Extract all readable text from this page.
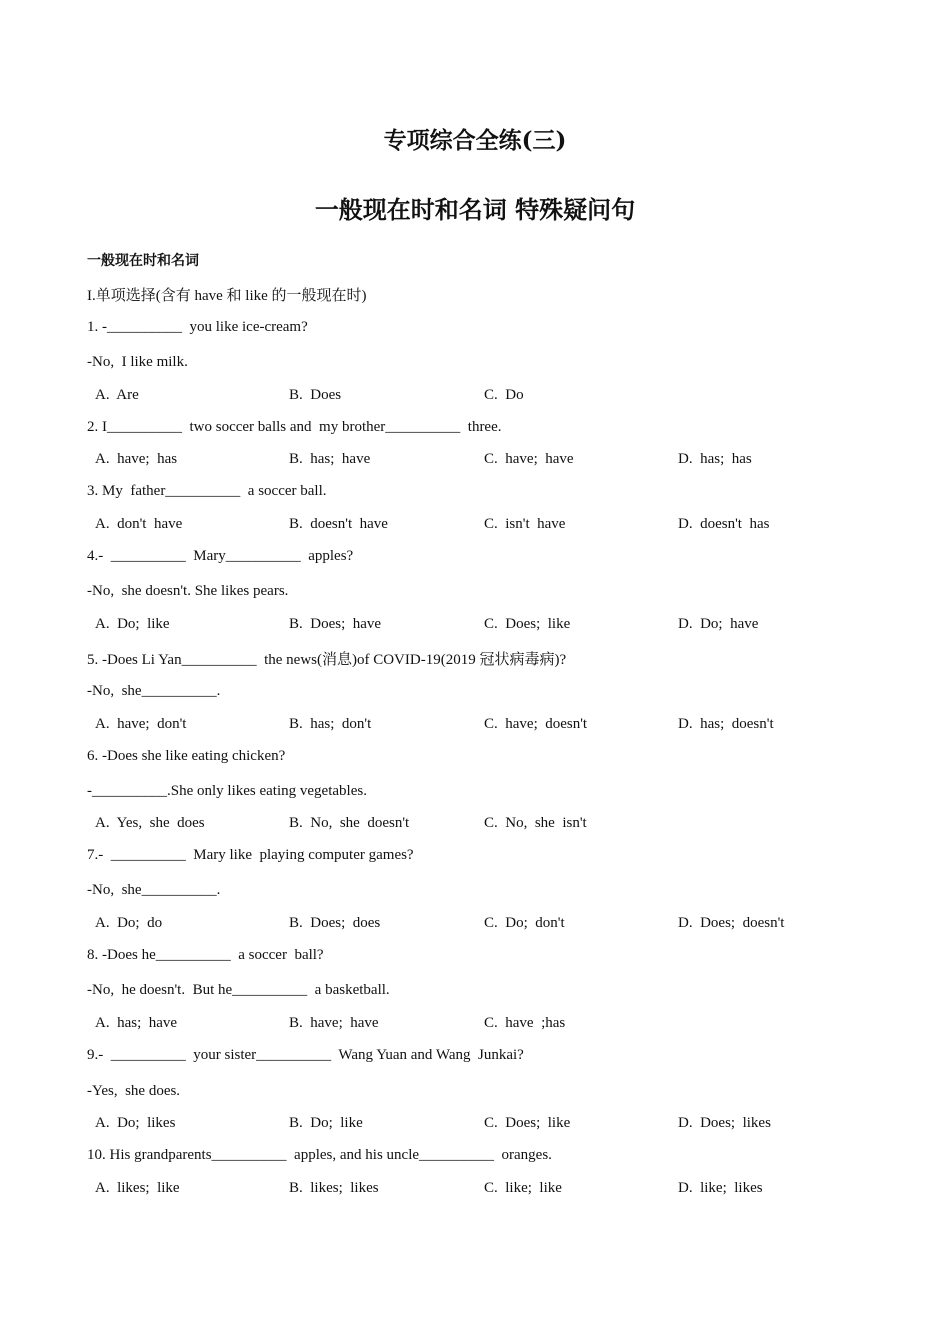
专项综合全练(三)
一般现在时和名词 特殊疑问句
一般现在时和名词
I.单项选择(含有 have 和 like 的一般现在时)
1. -__________  you like ice-cream?
-No,  I like milk.
A.  Are	B.  Does	C.  Do
2. I__________  two soccer balls and  my brother__________  three.
A.  have;  has	B.  has;  have	C.  have;  have	D.  has;  has
3. My  father__________  a soccer ball.
A.  don't  have	B.  doesn't  have	C.  isn't  have	D.  doesn't  has
4.-  __________  Mary__________  apples?
-No,  she doesn't. She likes pears.
A.  Do;  like	B.  Does;  have	C.  Does;  like	D.  Do;  have
5. -Does Li Yan__________  the news(消息)of COVID-19(2019 冠状病毒病)?
-No,  she__________.
A.  have;  don't	B.  has;  don't	C.  have;  doesn't	D.  has;  doesn't
6. -Does she like eating chicken?
-__________.She only likes eating vegetables.
A.  Yes,  she  does	B.  No,  she  doesn't	C.  No,  she  isn't
7.-  __________  Mary like  playing computer games?
-No,  she__________.
A.  Do;  do	B.  Does;  does	C.  Do;  don't	D.  Does;  doesn't
8. -Does he__________  a soccer  ball?
-No,  he doesn't.  But he__________  a basketball.
A.  has;  have	B.  have;  have	C.  have  ;has
9.-  __________  your sister__________  Wang Yuan and Wang  Junkai?
-Yes,  she does.
A.  Do;  likes	B.  Do;  like	C.  Does;  like	D.  Does;  likes
10. His grandparents__________  apples, and his uncle__________  oranges.
A.  likes;  like	B.  likes;  likes	C.  like;  like	D.  like;  likes
